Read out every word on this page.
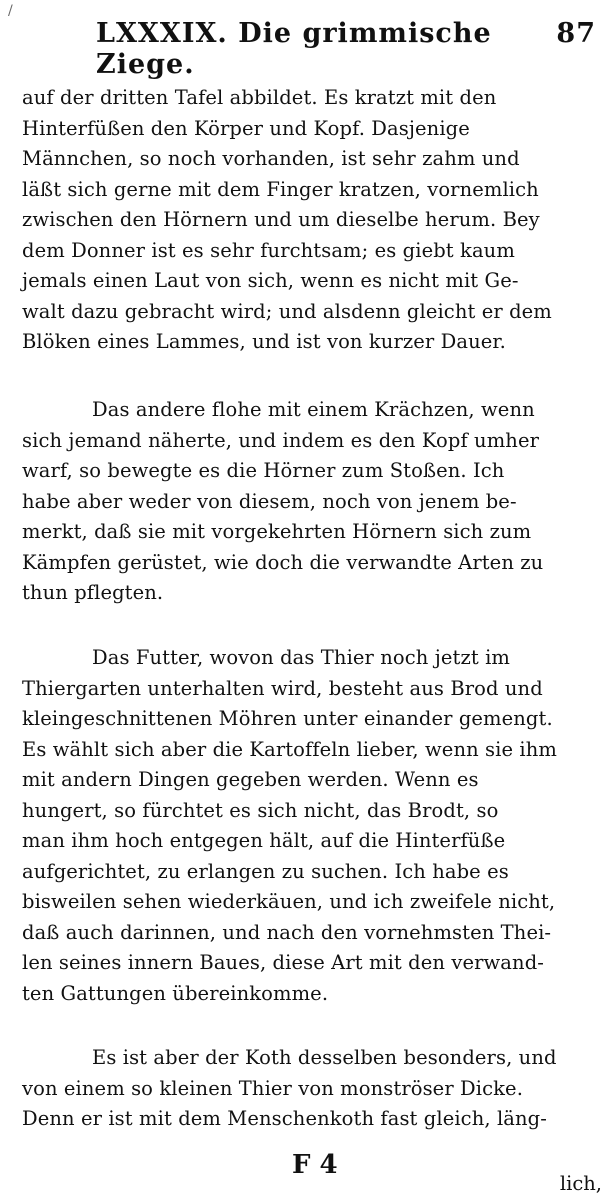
/
LXXXIX. Die grimmische Ziege.
87
auf der dritten Tafel abbildet. Es kratzt mit den
Hinterfüßen den Körper und Kopf. Dasjenige
Männchen, so noch vorhanden, ist sehr zahm und
läßt sich gerne mit dem Finger kratzen, vornemlich
zwischen den Hörnern und um dieselbe herum. Bey
dem Donner ist es sehr furchtsam; es giebt kaum
jemals einen Laut von sich, wenn es nicht mit Ge-
walt dazu gebracht wird; und alsdenn gleicht er dem
Blöken eines Lammes, und ist von kurzer Dauer.
Das andere flohe mit einem Krächzen, wenn
sich jemand näherte, und indem es den Kopf umher
warf, so bewegte es die Hörner zum Stoßen. Ich
habe aber weder von diesem, noch von jenem be-
merkt, daß sie mit vorgekehrten Hörnern sich zum
Kämpfen gerüstet, wie doch die verwandte Arten zu
thun pflegten.
Das Futter, wovon das Thier noch jetzt im
Thiergarten unterhalten wird, besteht aus Brod und
kleingeschnittenen Möhren unter einander gemengt.
Es wählt sich aber die Kartoffeln lieber, wenn sie ihm
mit andern Dingen gegeben werden. Wenn es
hungert, so fürchtet es sich nicht, das Brodt, so
man ihm hoch entgegen hält, auf die Hinterfüße
aufgerichtet, zu erlangen zu suchen. Ich habe es
bisweilen sehen wiederkäuen, und ich zweifele nicht,
daß auch darinnen, und nach den vornehmsten Thei-
len seines innern Baues, diese Art mit den verwand-
ten Gattungen übereinkomme.
Es ist aber der Koth desselben besonders, und
von einem so kleinen Thier von monströser Dicke.
Denn er ist mit dem Menschenkoth fast gleich, läng-
F 4
lich,
